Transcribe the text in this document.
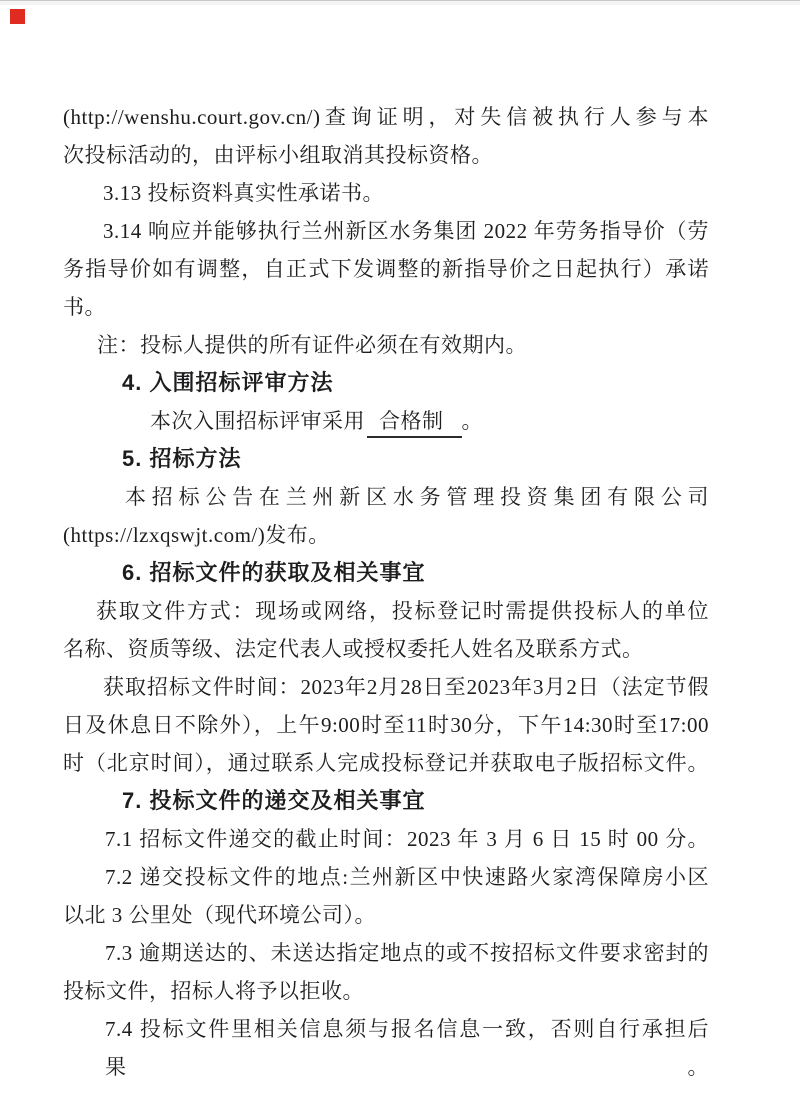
(http://wenshu.court.gov.cn/)查询证明，对失信被执行人参与本
次投标活动的，由评标小组取消其投标资格。
3.13 投标资料真实性承诺书。
3.14 响应并能够执行兰州新区水务集团 2022 年劳务指导价（劳
务指导价如有调整，自正式下发调整的新指导价之日起执行）承诺
书。
注：投标人提供的所有证件必须在有效期内。
4. 入围招标评审方法
本次入围招标评审采用 合格制 。
5. 招标方法
本招标公告在兰州新区水务管理投资集团有限公司
(https://lzxqswjt.com/)发布。
6. 招标文件的获取及相关事宜
获取文件方式：现场或网络，投标登记时需提供投标人的单位
名称、资质等级、法定代表人或授权委托人姓名及联系方式。
获取招标文件时间：2023年2月28日至2023年3月2日（法定节假
日及休息日不除外），上午9:00时至11时30分，下午14:30时至17:00
时（北京时间），通过联系人完成投标登记并获取电子版招标文件。
7. 投标文件的递交及相关事宜
7.1 招标文件递交的截止时间：2023 年 3 月 6 日 15 时 00 分。
7.2 递交投标文件的地点:兰州新区中快速路火家湾保障房小区
以北 3 公里处（现代环境公司）。
7.3 逾期送达的、未送达指定地点的或不按招标文件要求密封的
投标文件，招标人将予以拒收。
7.4 投标文件里相关信息须与报名信息一致，否则自行承担后果。
